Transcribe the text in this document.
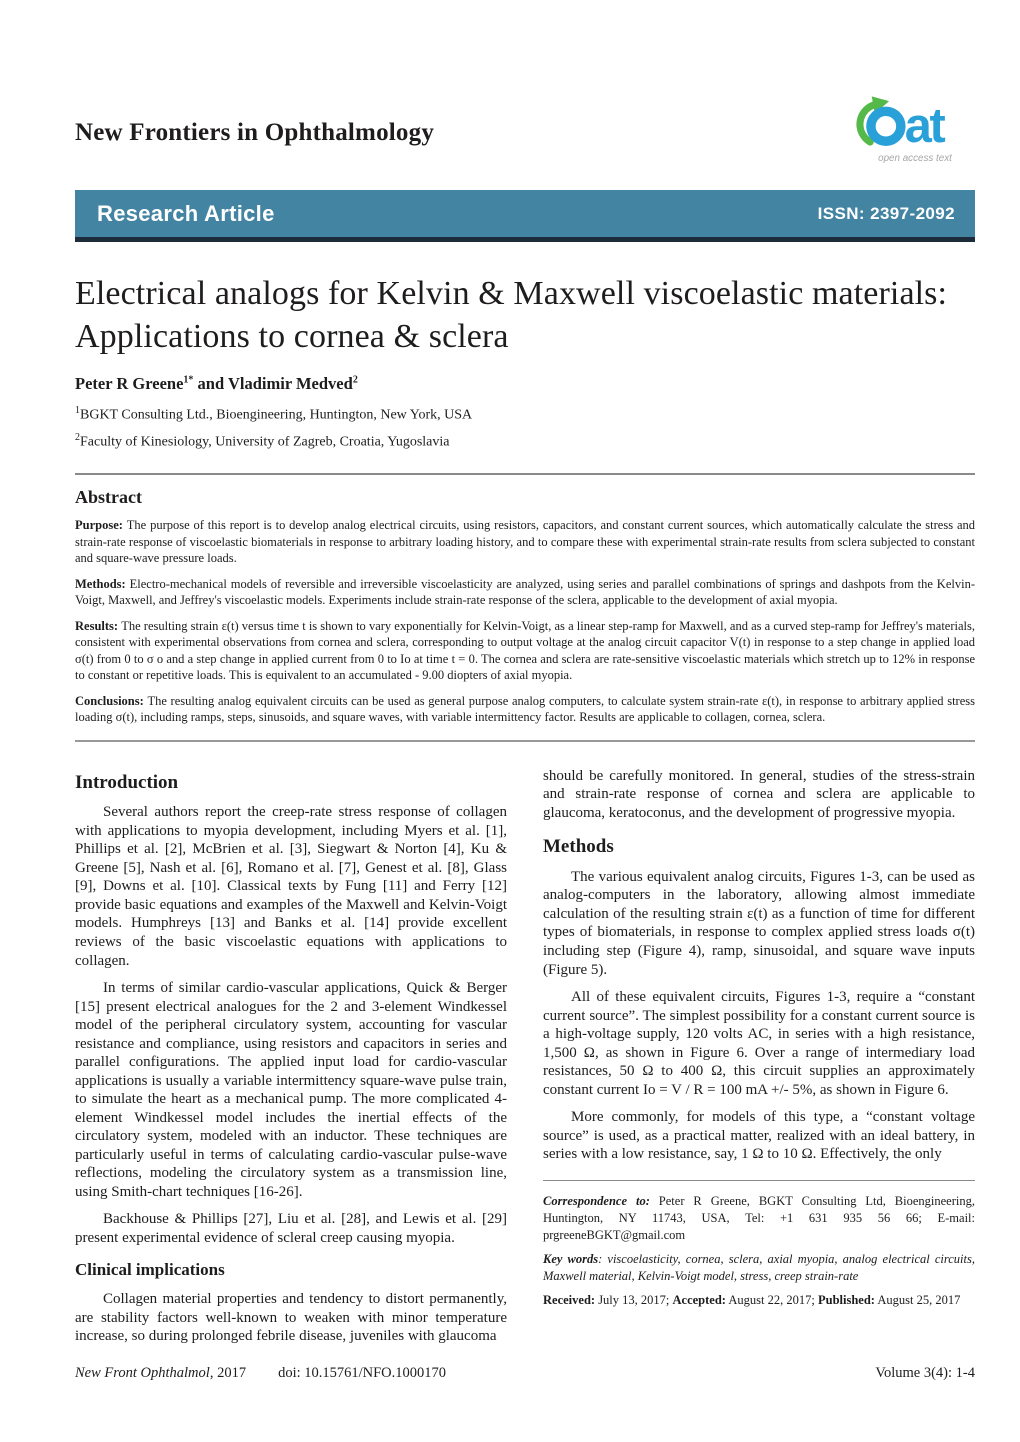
New Frontiers in Ophthalmology	at
open access text
Research Article	ISSN: 2397-2092
Electrical analogs for Kelvin & Maxwell viscoelastic materials:
Applications to cornea & sclera
Peter R Greene$^{1*}$ and Vladimir Medved$^2$
$^1$BGKT Consulting Ltd., Bioengineering, Huntington, New York, USA
$^2$Faculty of Kinesiology, University of Zagreb, Croatia, Yugoslavia
Abstract

Purpose: The purpose of this report is to develop analog electrical circuits, using resistors, capacitors, and constant current sources, which automatically calculate the stress and strain-rate response of viscoelastic biomaterials in response to arbitrary loading history, and to compare these with experimental strain-rate results from sclera subjected to constant and square-wave pressure loads.

Methods: Electro-mechanical models of reversible and irreversible viscoelasticity are analyzed, using series and parallel combinations of springs and dashpots from the Kelvin-Voigt, Maxwell, and Jeffrey's viscoelastic models. Experiments include strain-rate response of the sclera, applicable to the development of axial myopia.

Results: The resulting strain ε(t) versus time t is shown to vary exponentially for Kelvin-Voigt, as a linear step-ramp for Maxwell, and as a curved step-ramp for Jeffrey's materials, consistent with experimental observations from cornea and sclera, corresponding to output voltage at the analog circuit capacitor V(t) in response to a step change in applied load σ(t) from 0 to σ o and a step change in applied current from 0 to Io at time t = 0. The cornea and sclera are rate-sensitive viscoelastic materials which stretch up to 12% in response to constant or repetitive loads. This is equivalent to an accumulated - 9.00 diopters of axial myopia.

Conclusions: The resulting analog equivalent circuits can be used as general purpose analog computers, to calculate system strain-rate ε(t), in response to arbitrary applied stress loading σ(t), including ramps, steps, sinusoids, and square waves, with variable intermittency factor. Results are applicable to collagen, cornea, sclera.

Introduction

Several authors report the creep-rate stress response of collagen with applications to myopia development, including Myers et al. [1], Phillips et al. [2], McBrien et al. [3], Siegwart & Norton [4], Ku & Greene [5], Nash et al. [6], Romano et al. [7], Genest et al. [8], Glass [9], Downs et al. [10]. Classical texts by Fung [11] and Ferry [12] provide basic equations and examples of the Maxwell and Kelvin-Voigt models. Humphreys [13] and Banks et al. [14] provide excellent reviews of the basic viscoelastic equations with applications to collagen.

In terms of similar cardio-vascular applications, Quick & Berger [15] present electrical analogues for the 2 and 3-element Windkessel model of the peripheral circulatory system, accounting for vascular resistance and compliance, using resistors and capacitors in series and parallel configurations. The applied input load for cardio-vascular applications is usually a variable intermittency square-wave pulse train, to simulate the heart as a mechanical pump. The more complicated 4-element Windkessel model includes the inertial effects of the circulatory system, modeled with an inductor. These techniques are particularly useful in terms of calculating cardio-vascular pulse-wave reflections, modeling the circulatory system as a transmission line, using Smith-chart techniques [16-26].

Backhouse & Phillips [27], Liu et al. [28], and Lewis et al. [29] present experimental evidence of scleral creep causing myopia.

Clinical implications

Collagen material properties and tendency to distort permanently, are stability factors well-known to weaken with minor temperature increase, so during prolonged febrile disease, juveniles with glaucoma

should be carefully monitored. In general, studies of the stress-strain and strain-rate response of cornea and sclera are applicable to glaucoma, keratoconus, and the development of progressive myopia.

Methods

The various equivalent analog circuits, Figures 1-3, can be used as analog-computers in the laboratory, allowing almost immediate calculation of the resulting strain ε(t) as a function of time for different types of biomaterials, in response to complex applied stress loads σ(t) including step (Figure 4), ramp, sinusoidal, and square wave inputs (Figure 5).

All of these equivalent circuits, Figures 1-3, require a “constant current source”. The simplest possibility for a constant current source is a high-voltage supply, 120 volts AC, in series with a high resistance, 1,500 Ω, as shown in Figure 6. Over a range of intermediary load resistances, 50 Ω to 400 Ω, this circuit supplies an approximately constant current Io = V / R = 100 mA +/- 5%, as shown in Figure 6.

More commonly, for models of this type, a “constant voltage source” is used, as a practical matter, realized with an ideal battery, in series with a low resistance, say, 1 Ω to 10 Ω. Effectively, the only

Correspondence to: Peter R Greene, BGKT Consulting Ltd, Bioengineering, Huntington, NY 11743, USA, Tel: +1 631 935 56 66; E-mail: prgreeneBGKT@gmail.com

Key words: viscoelasticity, cornea, sclera, axial myopia, analog electrical circuits, Maxwell material, Kelvin-Voigt model, stress, creep strain-rate

Received: July 13, 2017; Accepted: August 22, 2017; Published: August 25, 2017

New Front Ophthalmol, 2017 doi: 10.15761/NFO.1000170	Volume 3(4): 1-4
